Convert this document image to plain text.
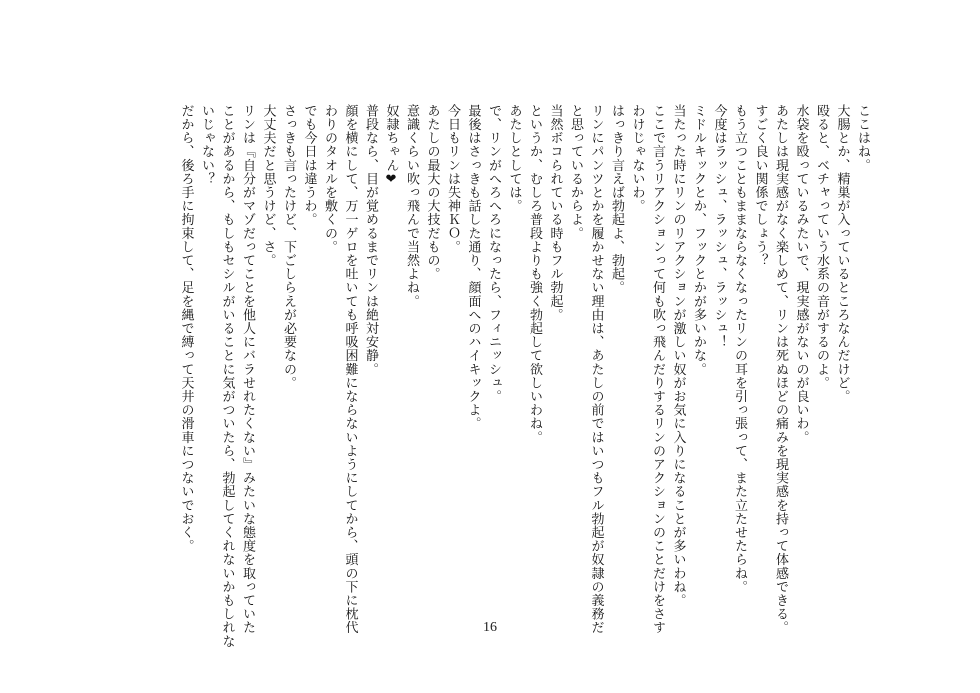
ここはね。
大腸とか、精巣が入っているところなんだけど。
殴ると、ベチャっていう水系の音がするのよ。
水袋を殴っているみたいで、現実感がないのが良いわ。
あたしは現実感がなく楽しめて、リンは死ぬほどの痛みを現実感を持って体感できる。
すごく良い関係でしょう？
もう立つこともままならなくなったリンの耳を引っ張って、また立たせたらね。
今度はラッシュ、ラッシュ、ラッシュ！
ミドルキックとか、フックとかが多いかな。
当たった時にリンのリアクションが激しい奴がお気に入りになることが多いわね。
ここで言うリアクションって何も吹っ飛んだりするリンのアクションのことだけをさす
わけじゃないわ。
はっきり言えば勃起よ、勃起。
リンにパンツとかを履かせない理由は、あたしの前ではいつもフル勃起が奴隷の義務だ
と思っているからよ。
当然ボコられている時もフル勃起。
というか、むしろ普段よりも強く勃起して欲しいわね。
あたしとしては。
で、リンがへろへろになったら、フィニッシュ。
最後はさっきも話した通り、顔面へのハイキックよ。
今日もリンは失神ＫＯ。
あたしの最大の大技だもの。
意識くらい吹っ飛んで当然よね。
奴隷ちゃん❤
普段なら、目が覚めるまでリンは絶対安静。
顔を横にして、万一ゲロを吐いても呼吸困難にならないようにしてから、頭の下に枕代
わりのタオルを敷くの。
でも今日は違うわ。
さっきも言ったけど、下ごしらえが必要なの。
大丈夫だと思うけど、さ。
リンは『自分がマゾだってことを他人にバラせれたくない』みたいな態度を取っていた
ことがあるから、もしもセシルがいることに気がついたら、勃起してくれないかもしれな
いじゃない？
だから、後ろ手に拘束して、足を縄で縛って天井の滑車につないでおく。
16
